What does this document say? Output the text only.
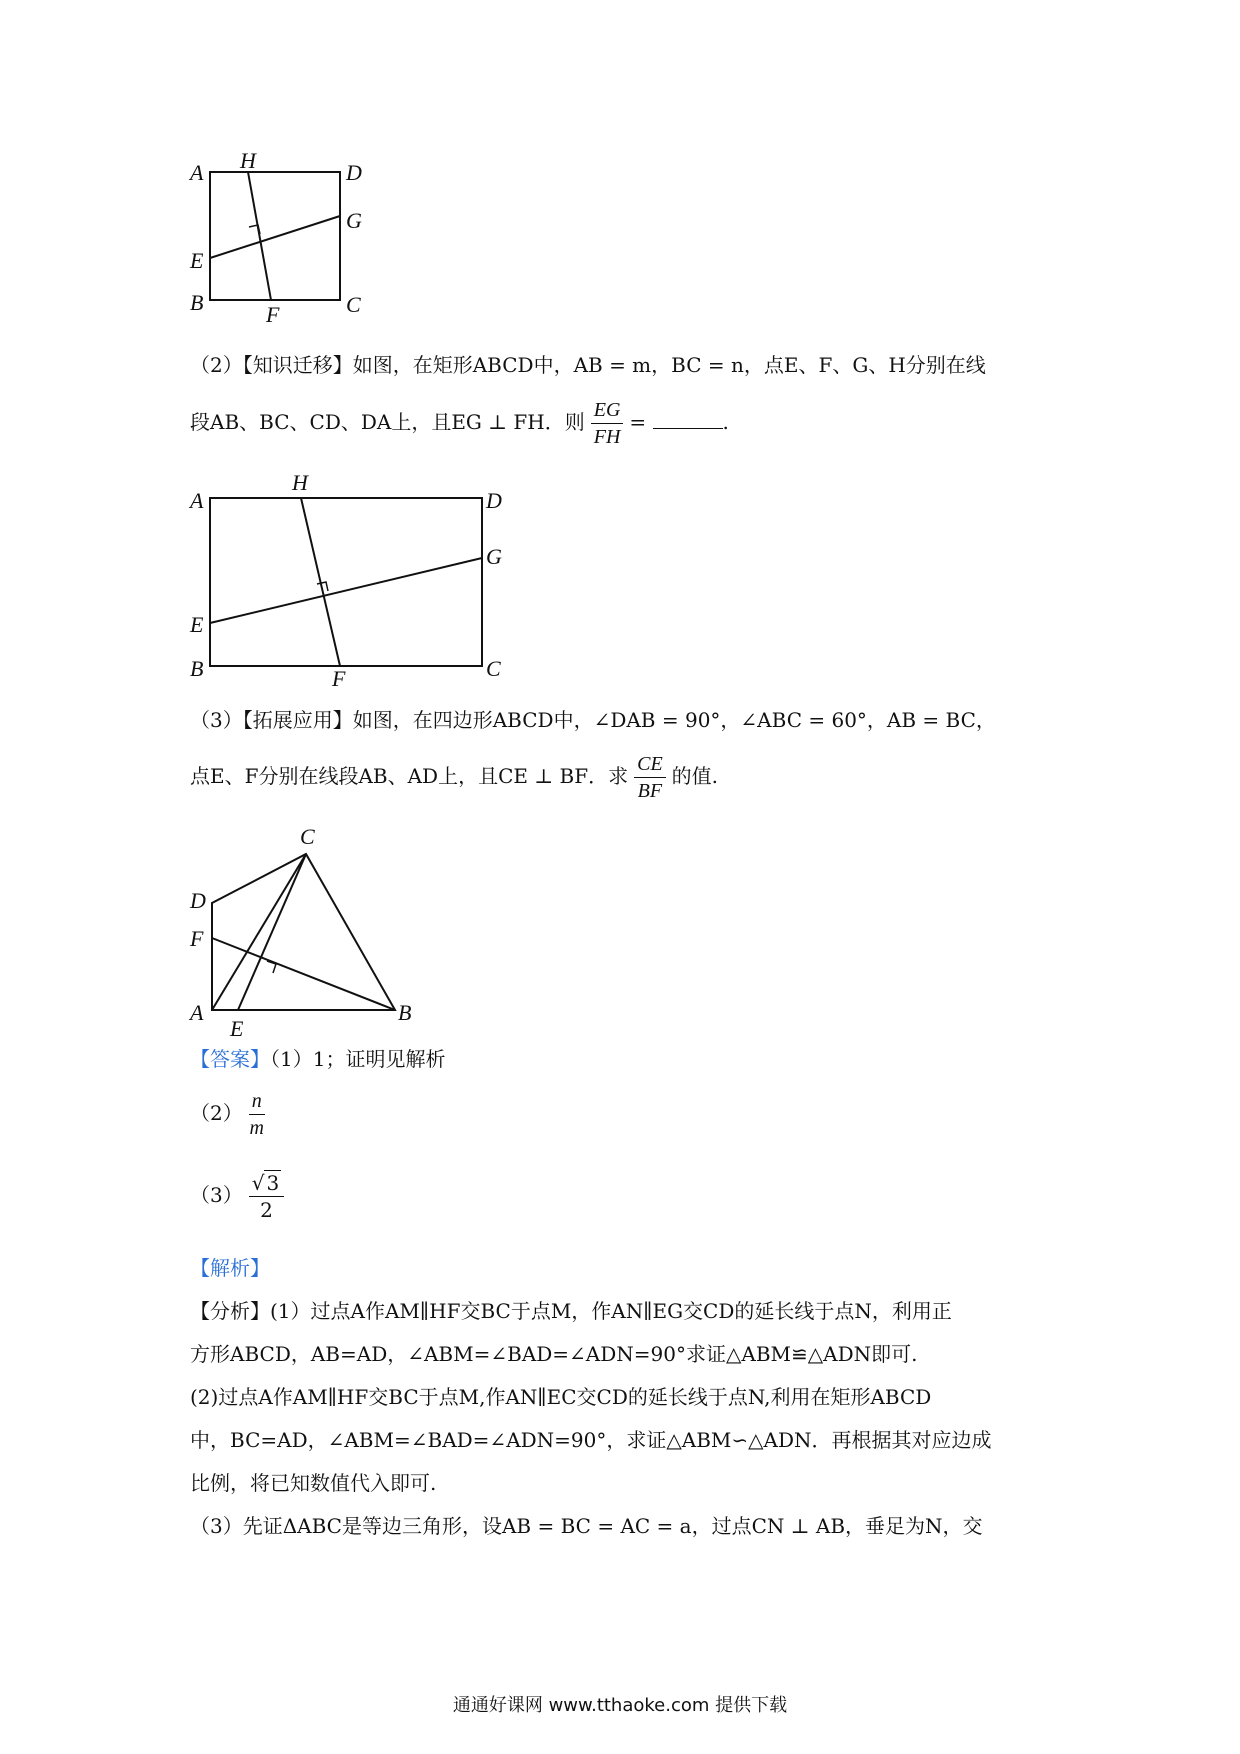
A H	D
G
E
B	F	C
（2）【知识迁移】如图，在矩形ABCD中，AB = m，BC = n，点E、F、G、H分别在线
段AB、BC、CD、DA上，且EG ⊥ FH．则 $\frac{EG}{FH}$ =	.
A
H
D
G
E
B	F	C
（3）【拓展应用】如图，在四边形ABCD中，∠DAB = 90°，∠ABC = 60°，AB = BC，
点E、F分别在线段AB、AD上，且CE ⊥ BF．求 $\frac{CE}{BF}$ 的值.
C
D
F
A
E
B
【答案】（1）1；证明见解析
$(2) \frac{n}{m}$
$(3) \frac{√ 3}{2}$
【解析】
【分析】(1）过点A作AM∥HF交BC于点M，作AN∥EG交CD的延长线于点N，利用正
方形ABCD，AB=AD，∠ABM=∠BAD=∠ADN=90°求证△ABM≌△ADN即可.
(2)过点A作AM∥HF交BC于点M,作AN∥EC交CD的延长线于点N,利用在矩形ABCD
中，BC=AD，∠ABM=∠BAD=∠ADN=90°，求证△ABM∽△ADN．再根据其对应边成
比例，将已知数值代入即可.
（3）先证ΔABC是等边三角形，设AB = BC = AC = a，过点CN ⊥ AB，垂足为N，交
通通好课网 www.tthaoke.com 提供下载
